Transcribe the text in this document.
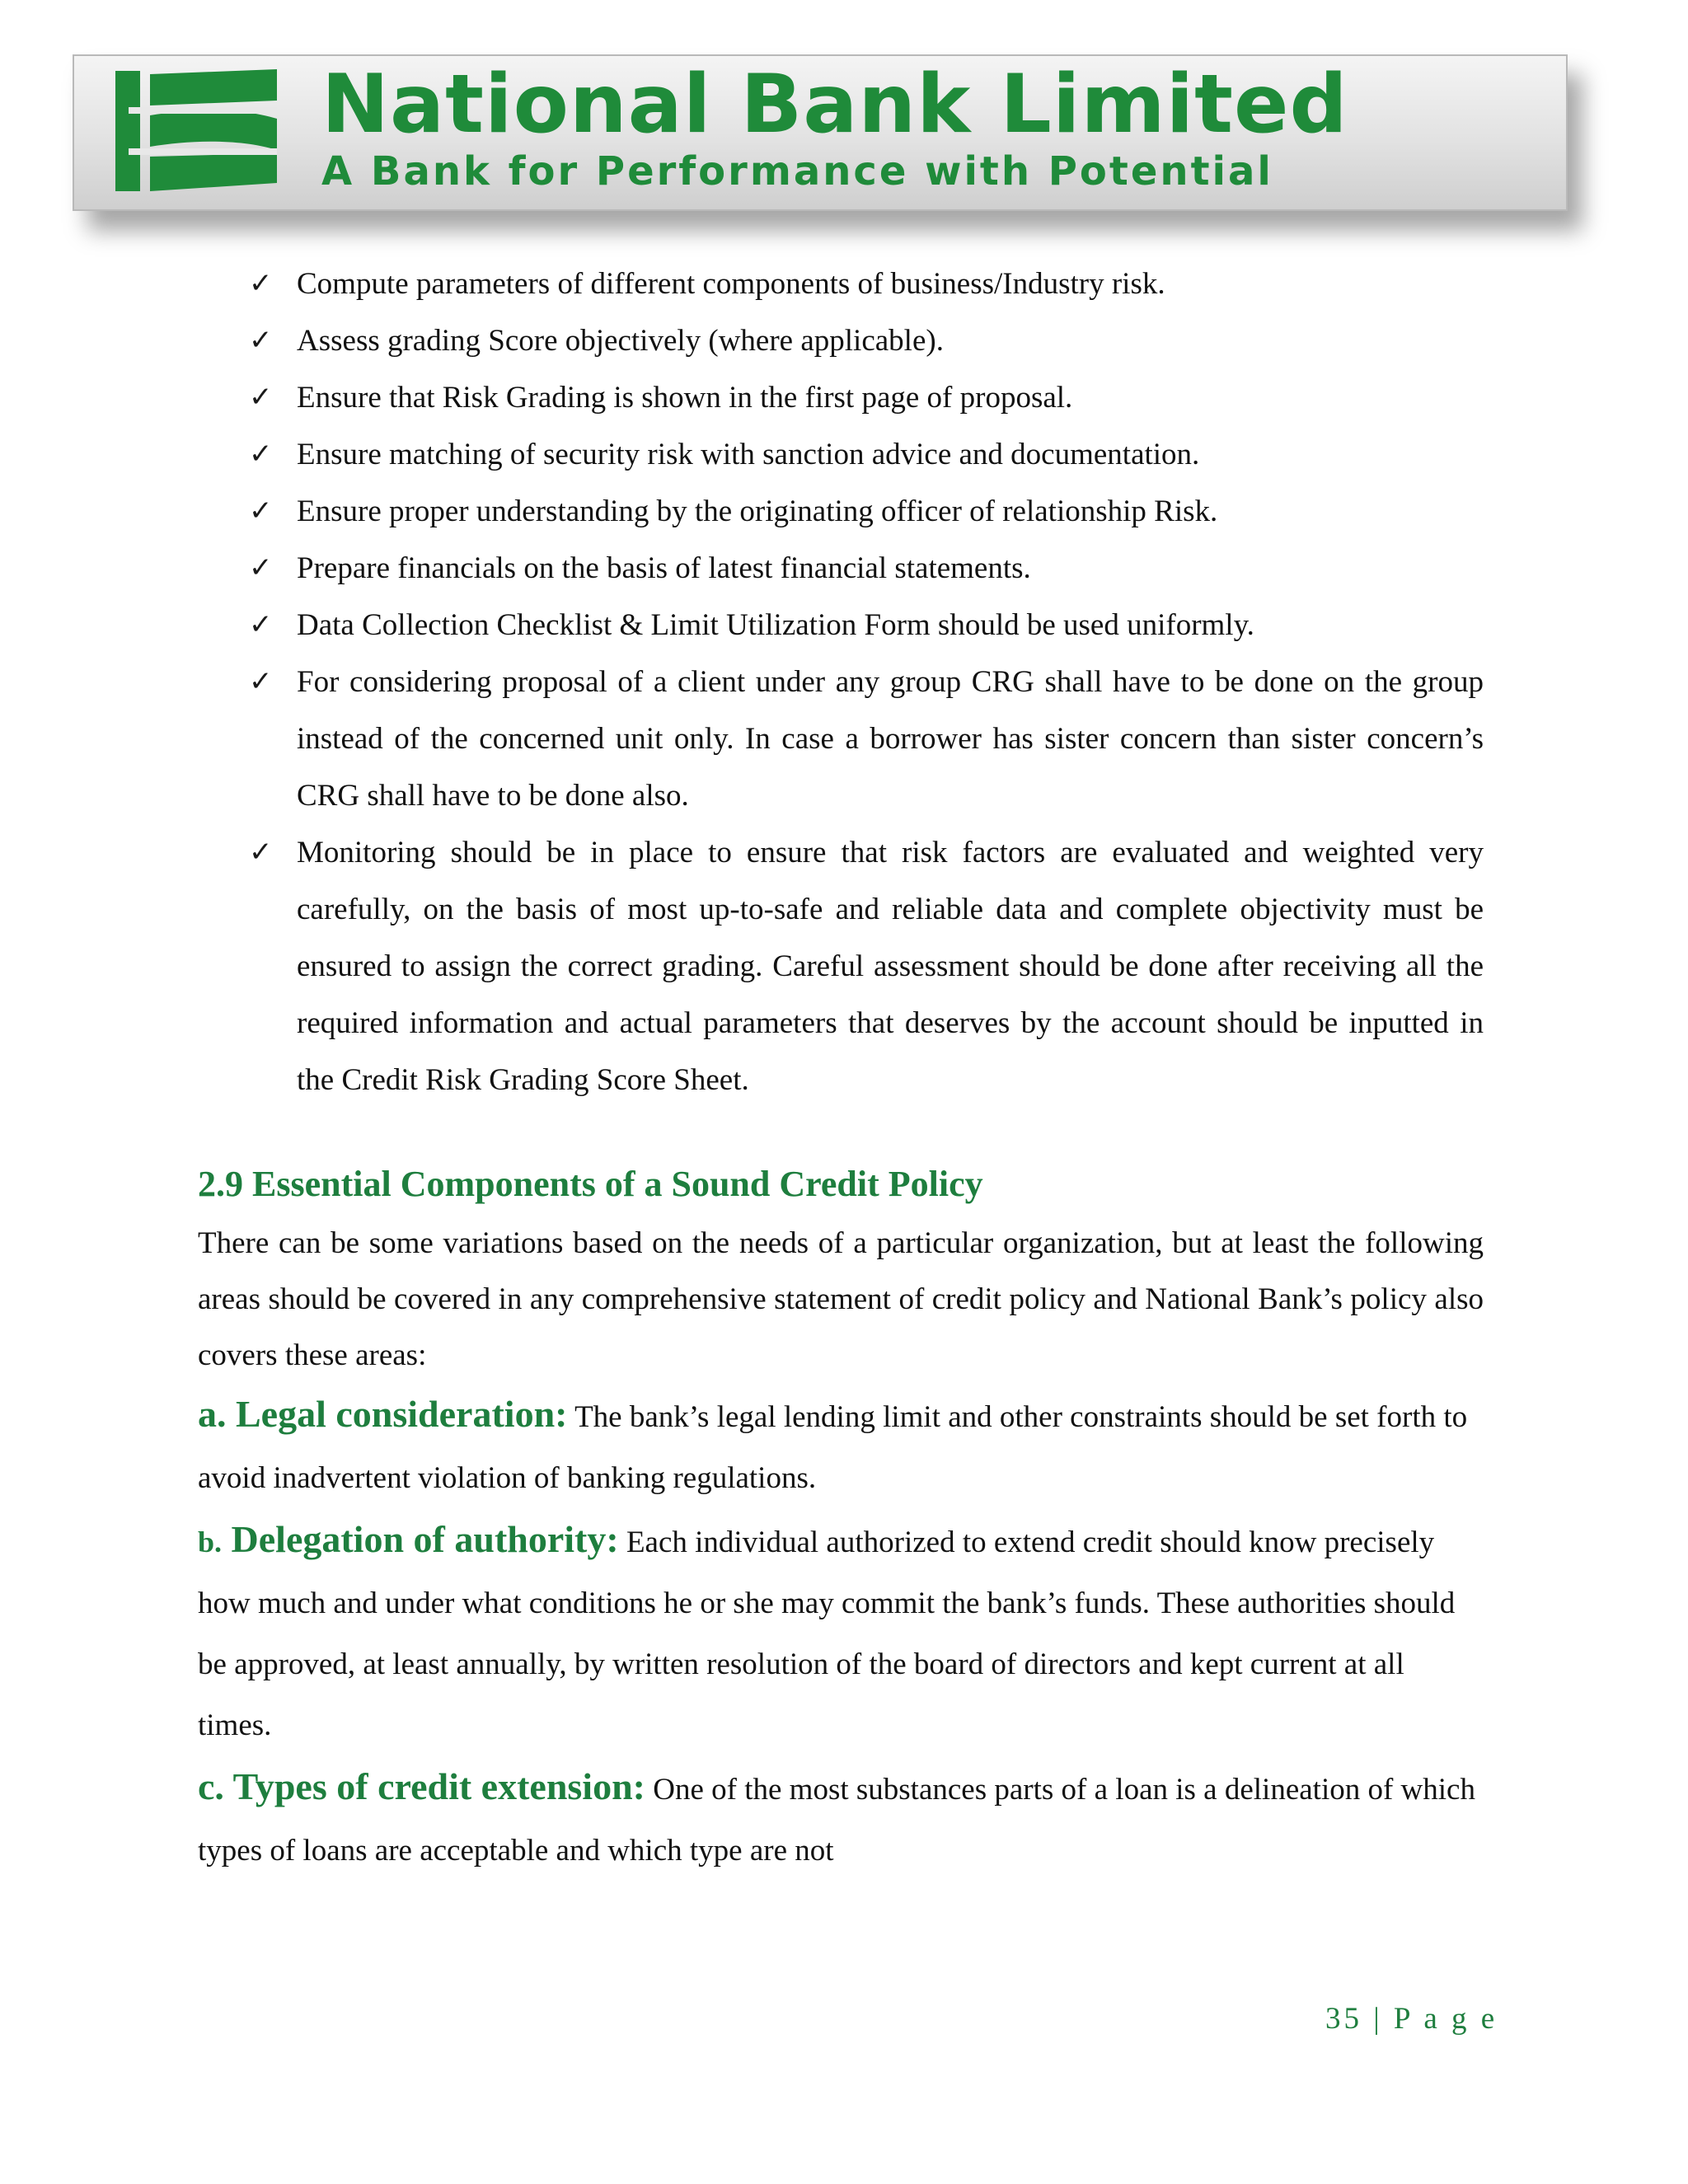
National Bank Limited
A Bank for Performance with Potential
✓ Compute parameters of different components of business/Industry risk.
✓ Assess grading Score objectively (where applicable).
✓ Ensure that Risk Grading is shown in the first page of proposal.
✓ Ensure matching of security risk with sanction advice and documentation.
✓ Ensure proper understanding by the originating officer of relationship Risk.
✓ Prepare financials on the basis of latest financial statements.
✓ Data Collection Checklist & Limit Utilization Form should be used uniformly.
✓ For considering proposal of a client under any group CRG shall have to be done on the group instead of the concerned unit only. In case a borrower has sister concern than sister concern’s CRG shall have to be done also.
✓ Monitoring should be in place to ensure that risk factors are evaluated and weighted very carefully, on the basis of most up-to-safe and reliable data and complete objectivity must be ensured to assign the correct grading. Careful assessment should be done after receiving all the required information and actual parameters that deserves by the account should be inputted in the Credit Risk Grading Score Sheet.
2.9 Essential Components of a Sound Credit Policy

There can be some variations based on the needs of a particular organization, but at least the following areas should be covered in any comprehensive statement of credit policy and National Bank’s policy also covers these areas:

a. Legal consideration: The bank’s legal lending limit and other constraints should be set forth to avoid inadvertent violation of banking regulations.

b. Delegation of authority: Each individual authorized to extend credit should know precisely how much and under what conditions he or she may commit the bank’s funds. These authorities should be approved, at least annually, by written resolution of the board of directors and kept current at all times.

c. Types of credit extension: One of the most substances parts of a loan is a delineation of which types of loans are acceptable and which type are not

35 | P a g e
